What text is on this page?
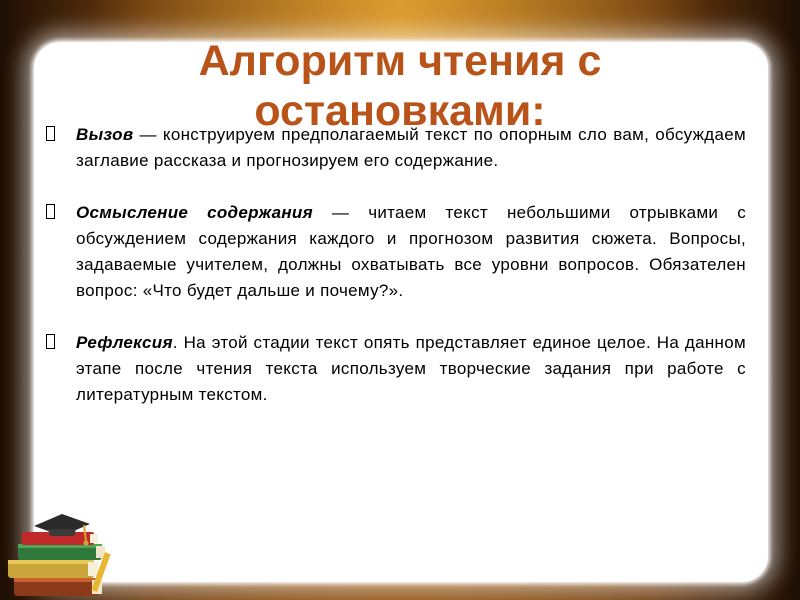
Алгоритм чтения с остановками:
Вызов — конструируем предполагаемый текст по опорным сло вам, обсуждаем заглавие рассказа и прогнозируем его содержание.
Осмысление содержания — читаем текст небольшими отрывками с обсуждением содержания каждого и прогнозом развития сюжета. Вопросы, задаваемые учителем, должны охватывать все уровни вопросов. Обязателен вопрос: «Что будет дальше и почему?».
Рефлексия. На этой стадии текст опять представляет единое целое. На данном этапе после чтения текста используем творческие задания при работе с литературным текстом.
